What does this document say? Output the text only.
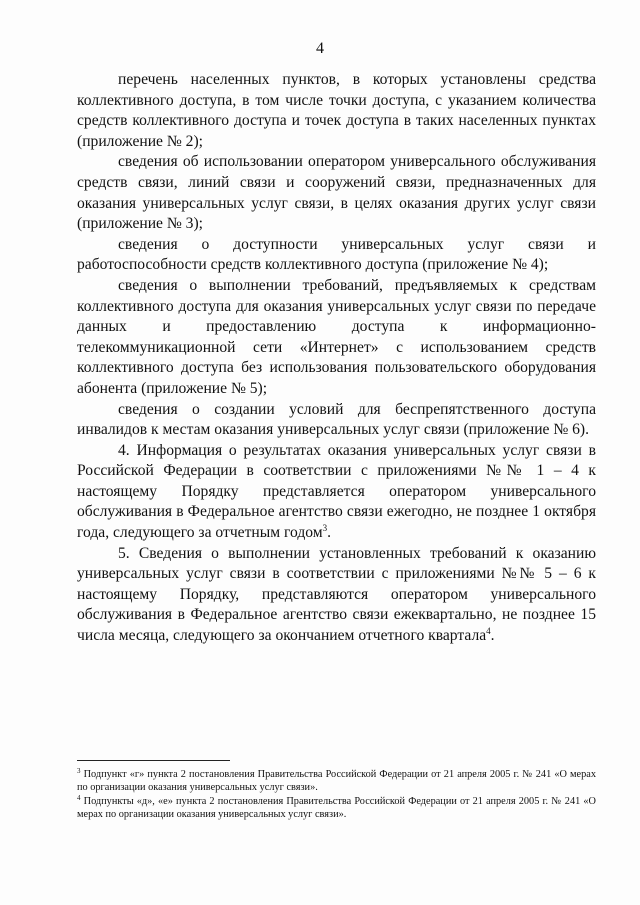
4

перечень населенных пунктов, в которых установлены средства коллективного доступа, в том числе точки доступа, с указанием количества средств коллективного доступа и точек доступа в таких населенных пунктах (приложение № 2);

сведения об использовании оператором универсального обслуживания средств связи, линий связи и сооружений связи, предназначенных для оказания универсальных услуг связи, в целях оказания других услуг связи (приложение № 3);

сведения о доступности универсальных услуг связи и работоспособности средств коллективного доступа (приложение № 4);

сведения о выполнении требований, предъявляемых к средствам коллективного доступа для оказания универсальных услуг связи по передаче данных и предоставлению доступа к информационно-телекоммуникационной сети «Интернет» с использованием средств коллективного доступа без использования пользовательского оборудования абонента (приложение № 5);

сведения о создании условий для беспрепятственного доступа инвалидов к местам оказания универсальных услуг связи (приложение № 6).

4. Информация о результатах оказания универсальных услуг связи в Российской Федерации в соответствии с приложениями №№ 1 – 4 к настоящему Порядку представляется оператором универсального обслуживания в Федеральное агентство связи ежегодно, не позднее 1 октября года, следующего за отчетным годом$^3$.

5. Сведения о выполнении установленных требований к оказанию универсальных услуг связи в соответствии с приложениями №№ 5 – 6 к настоящему Порядку, представляются оператором универсального обслуживания в Федеральное агентство связи ежеквартально, не позднее 15 числа месяца, следующего за окончанием отчетного квартала$^4$.

$^3$ Подпункт «г» пункта 2 постановления Правительства Российской Федерации от 21 апреля 2005 г. № 241 «О мерах по организации оказания универсальных услуг связи».

$^4$ Подпункты «д», «е» пункта 2 постановления Правительства Российской Федерации от 21 апреля 2005 г. № 241 «О мерах по организации оказания универсальных услуг связи».
